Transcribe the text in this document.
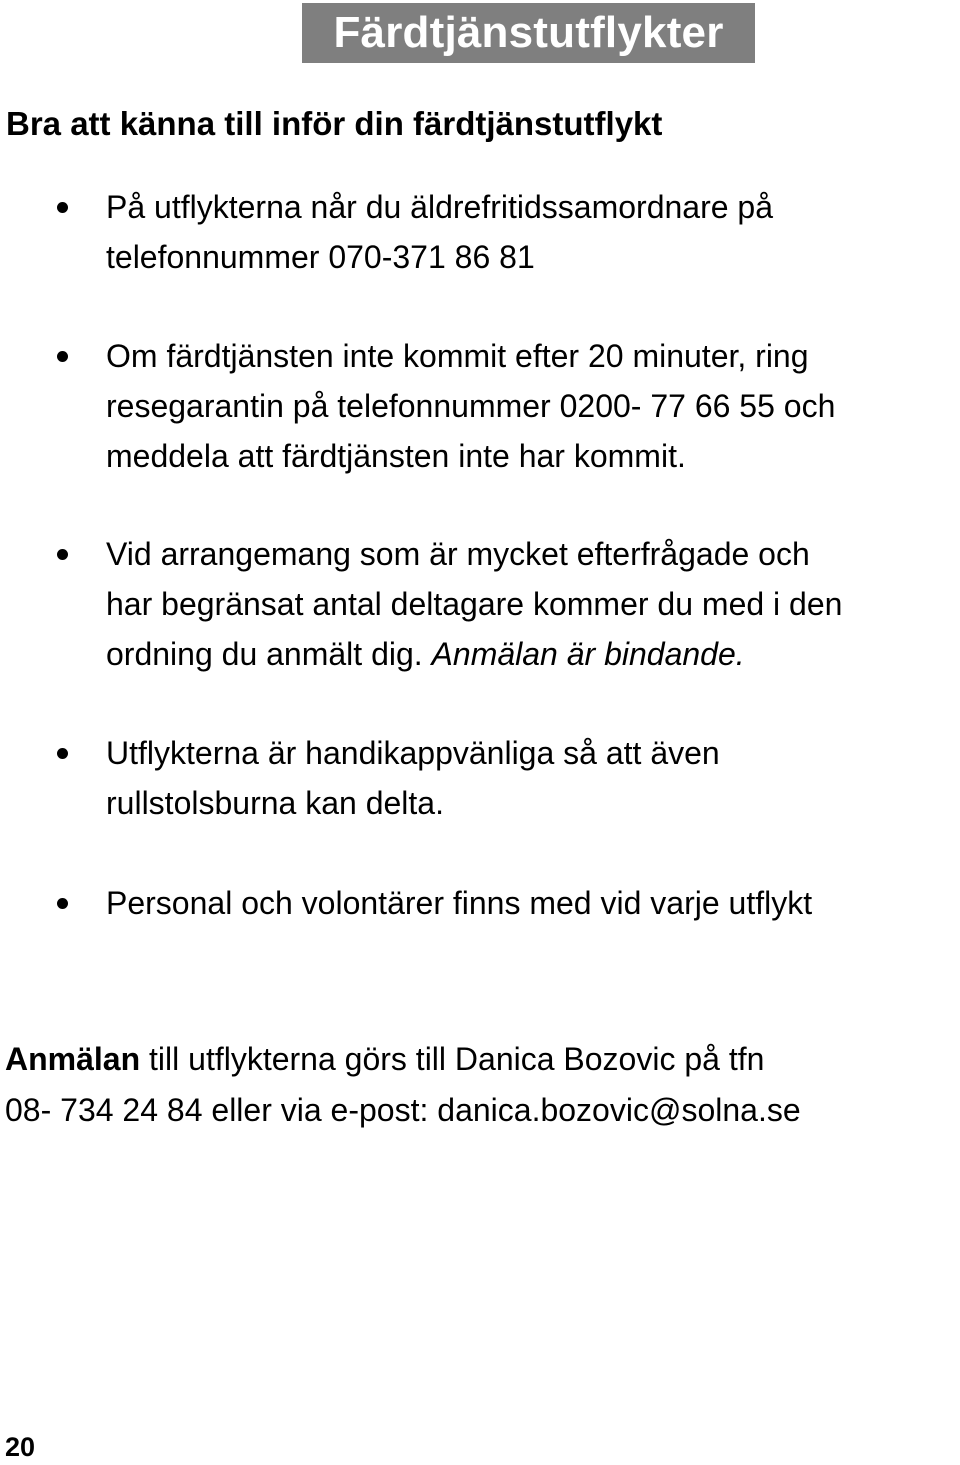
Färdtjänstutflykter
Bra att känna till inför din färdtjänstutflykt
På utflykterna når du äldrefritidssamordnare på
telefonnummer 070-371 86 81
Om färdtjänsten inte kommit efter 20 minuter, ring
resegarantin på telefonnummer 0200- 77 66 55 och
meddela att färdtjänsten inte har kommit.
Vid arrangemang som är mycket efterfrågade och
har begränsat antal deltagare kommer du med i den
ordning du anmält dig. Anmälan är bindande.
Utflykterna är handikappvänliga så att även
rullstolsburna kan delta.
Personal och volontärer finns med vid varje utflykt
Anmälan till utflykterna görs till Danica Bozovic på tfn
08- 734 24 84 eller via e-post: danica.bozovic@solna.se
20
